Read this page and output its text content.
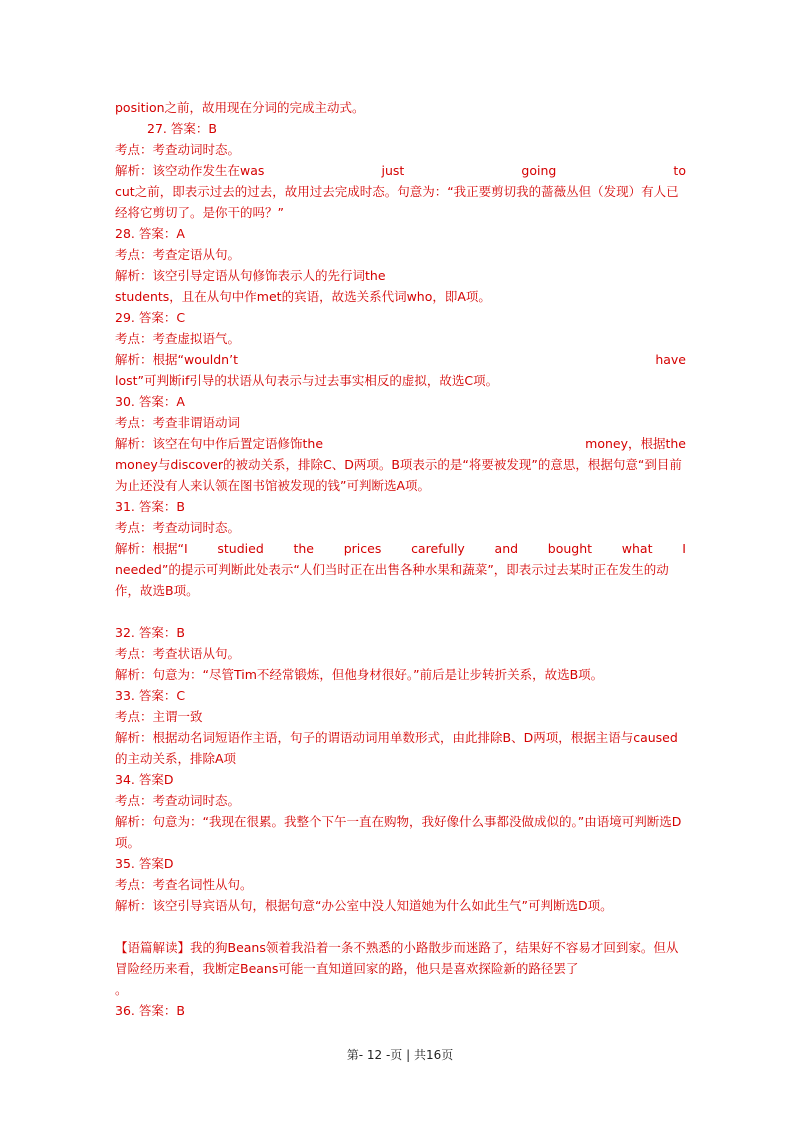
position之前，故用现在分词的完成主动式。
27. 答案：B
考点：考查动词时态。
解析：该空动作发生在was	just	going	to
cut之前，即表示过去的过去，故用过去完成时态。句意为：“我正要剪切我的蔷薇丛但（发现）有人已经将它剪切了。是你干的吗？”
28. 答案：A
考点：考查定语从句。
解析：该空引导定语从句修饰表示人的先行词the
students，且在从句中作met的宾语，故选关系代词who，即A项。
29. 答案：C
考点：考查虚拟语气。
解析：根据“wouldn’t	have
lost”可判断if引导的状语从句表示与过去事实相反的虚拟，故选C项。
30. 答案：A
考点：考查非谓语动词
解析：该空在句中作后置定语修饰the	money，根据the
money与discover的被动关系，排除C、D两项。B项表示的是“将要被发现”的意思，根据句意“到目前为止还没有人来认领在图书馆被发现的钱”可判断选A项。
31. 答案：B
考点：考查动词时态。
解析：根据“I studied the prices carefully and bought what I
needed”的提示可判断此处表示“人们当时正在出售各种水果和蔬菜”，即表示过去某时正在发生的动作，故选B项。
32. 答案：B
考点：考查状语从句。
解析：句意为：“尽管Tim不经常锻炼，但他身材很好。”前后是让步转折关系，故选B项。
33. 答案：C
考点：主谓一致
解析：根据动名词短语作主语，句子的谓语动词用单数形式，由此排除B、D两项，根据主语与caused的主动关系，排除A项
34. 答案D
考点：考查动词时态。
解析：句意为：“我现在很累。我整个下午一直在购物，我好像什么事都没做成似的。”由语境可判断选D项。
35. 答案D
考点：考查名词性从句。
解析：该空引导宾语从句，根据句意“办公室中没人知道她为什么如此生气”可判断选D项。
【语篇解读】我的狗Beans领着我沿着一条不熟悉的小路散步而迷路了，结果好不容易才回到家。但从冒险经历来看，我断定Beans可能一直知道回家的路，他只是喜欢探险新的路径罢了
。
36. 答案：B
第- 12 -页 | 共16页
